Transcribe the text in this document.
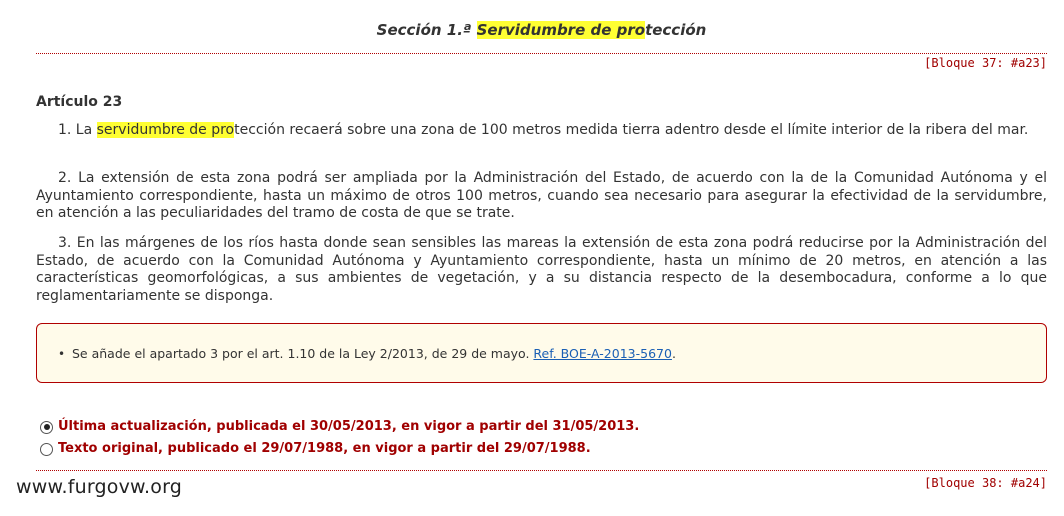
Sección 1.ª Servidumbre de protección
[Bloque 37: #a23]
Artículo 23

1. La servidumbre de protección recaerá sobre una zona de 100 metros medida tierra adentro desde el límite interior de la ribera del mar.

2. La extensión de esta zona podrá ser ampliada por la Administración del Estado, de acuerdo con la de la Comunidad Autónoma y el Ayuntamiento correspondiente, hasta un máximo de otros 100 metros, cuando sea necesario para asegurar la efectividad de la servidumbre, en atención a las peculiaridades del tramo de costa de que se trate.

3. En las márgenes de los ríos hasta donde sean sensibles las mareas la extensión de esta zona podrá reducirse por la Administración del Estado, de acuerdo con la Comunidad Autónoma y Ayuntamiento correspondiente, hasta un mínimo de 20 metros, en atención a las características geomorfológicas, a sus ambientes de vegetación, y a su distancia respecto de la desembocadura, conforme a lo que reglamentariamente se disponga.

• Se añade el apartado 3 por el art. 1.10 de la Ley 2/2013, de 29 de mayo. Ref. BOE-A-2013-5670.
Última actualización, publicada el 30/05/2013, en vigor a partir del 31/05/2013.
Texto original, publicado el 29/07/1988, en vigor a partir del 29/07/1988.
[Bloque 38: #a24]
www.furgovw.org
